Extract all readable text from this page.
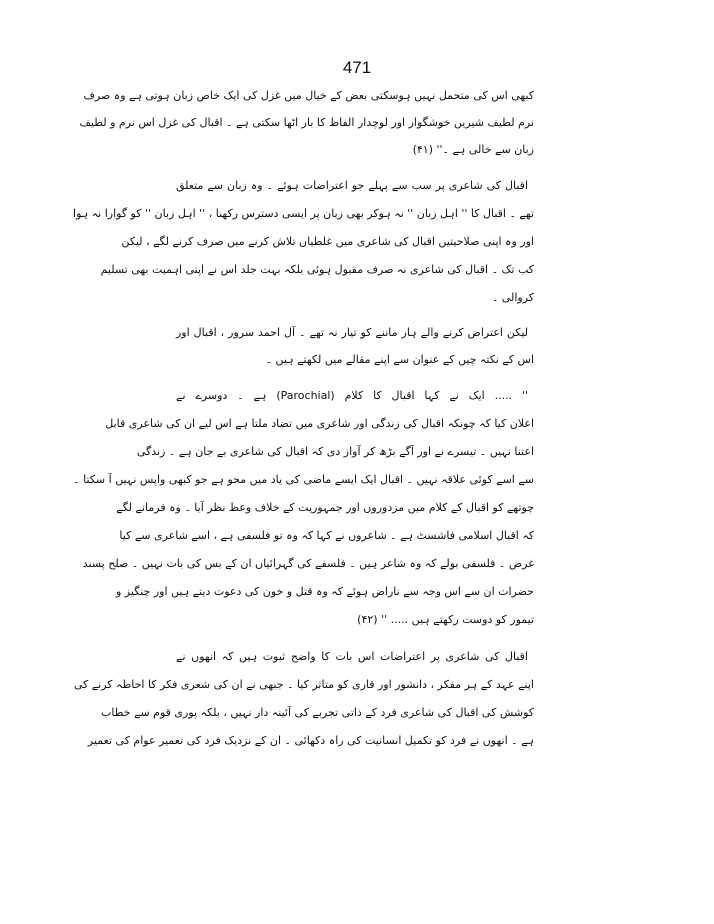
471
کبھی اس کی متحمل نہیں ہوسکتی بعض کے خیال میں غزل کی ایک خاص زبان ہوتی ہے وہ صرف
نرم لطیف شیریں خوشگوار اور لوچدار الفاظ کا بار اٹھا سکتی ہے ۔ اقبال کی غزل اس نرم و لطیف
زبان سے خالی ہے ۔'' (۴۱)
اقبال کی شاعری پر سب سے پہلے جو اعتراضات ہوئے ۔ وہ زبان سے متعلق
تھے ۔ اقبال کا '' اہل زبان '' نہ ہوکر بھی زبان پر ایسی دسترس رکھنا ، '' اہل زبان '' کو گوارا نہ ہوا
اور وہ اپنی صلاحیتیں اقبال کی شاعری میں غلطیاں تلاش کرنے میں صرف کرنے لگے ، لیکن
کب تک ۔ اقبال کی شاعری نہ صرف مقبول ہوئی بلکہ بہت جلد اس نے اپنی اہمیت بھی تسلیم
کروالی ۔
لیکن اعتراض کرنے والے ہار ماننے کو تیار نہ تھے ۔ آل احمد سرور ، اقبال اور
اس کے نکتہ چیں کے عنوان سے اپنے مقالے میں لکھتے ہیں ۔
'' ..... ایک نے کہا اقبال کا کلام (Parochial) ہے ۔ دوسرے نے
اعلان کیا کہ چونکہ اقبال کی زندگی اور شاعری میں تضاد ملتا ہے اس لیے ان کی شاعری قابل
اعتنا نہیں ۔ تیسرے نے اور آگے بڑھ کر آواز دی کہ اقبال کی شاعری بے جان ہے ۔ زندگی
سے اسے کوئی علاقہ نہیں ۔ اقبال ایک ایسے ماضی کی یاد میں محو ہے جو کبھی واپس نہیں آ سکتا ۔
چوتھے کو اقبال کے کلام میں مزدوروں اور جمہوریت کے خلاف وعظ نظر آیا ۔ وہ فرمانے لگے
کہ اقبال اسلامی فاشسٹ ہے ۔ شاعروں نے کہا کہ وہ تو فلسفی ہے ، اسے شاعری سے کیا
غرض ۔ فلسفی بولے کہ وہ شاعر ہیں ۔ فلسفے کی گہرائیاں ان کے بس کی بات نہیں ۔ صلح پسند
حضرات ان سے اس وجہ سے ناراض ہوئے کہ وہ قتل و خون کی دعوت دیتے ہیں اور چنگیز و
تیمور کو دوست رکھتے ہیں ..... '' (۴۲)
اقبال کی شاعری پر اعتراضات اس بات کا واضح ثبوت ہیں کہ انھوں نے
اپنے عہد کے ہر مفکر ، دانشور اور قاری کو متاثر کیا ۔ جبھی نے ان کی شعری فکر کا احاطہ کرنے کی
کوشش کی اقبال کی شاعری فرد کے ذاتی تجربے کی آئینہ دار نہیں ، بلکہ پوری قوم سے خطاب
ہے ۔ انھوں نے فرد کو تکمیل انسانیت کی راہ دکھائی ۔ ان کے نزدیک فرد کی تعمیر عوام کی تعمیر
